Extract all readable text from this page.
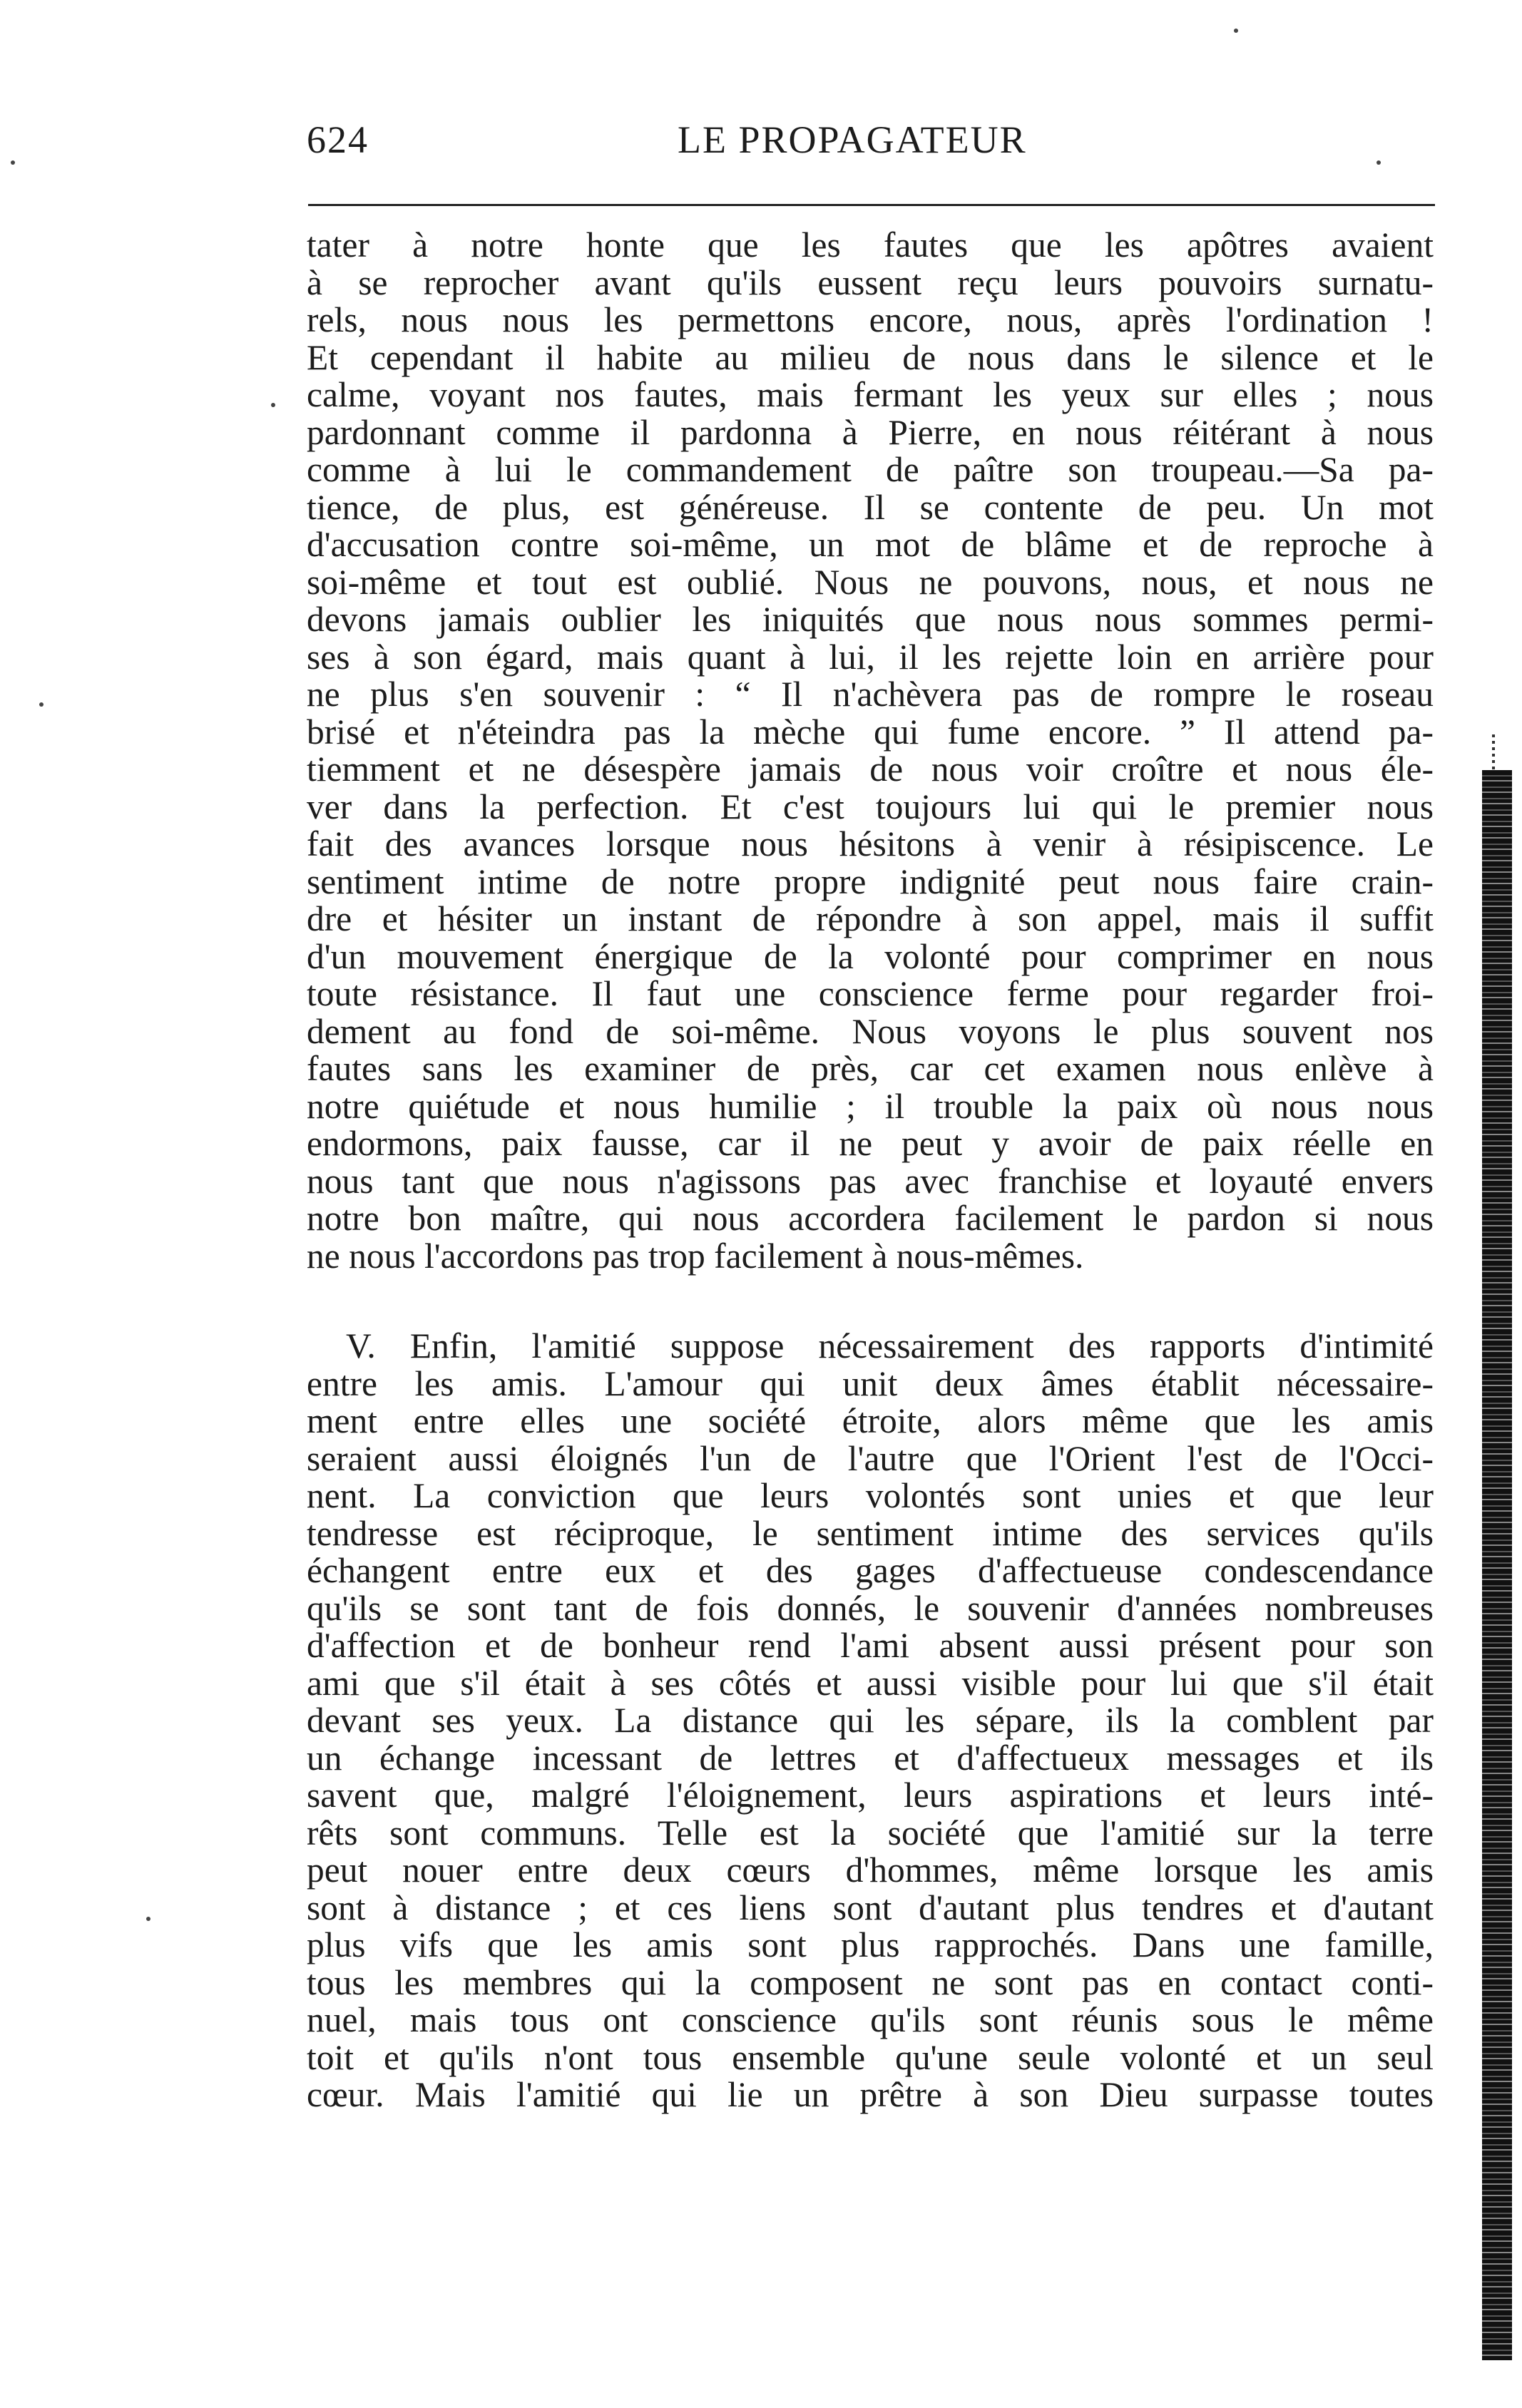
624	LE PROPAGATEUR
tater à notre honte que les fautes que les apôtres avaient
à se reprocher avant qu'ils eussent reçu leurs pouvoirs surnatu-
rels, nous nous les permettons encore, nous, après l'ordination !
Et cependant il habite au milieu de nous dans le silence et le
calme, voyant nos fautes, mais fermant les yeux sur elles ; nous
pardonnant comme il pardonna à Pierre, en nous réitérant à nous
comme à lui le commandement de paître son troupeau.—Sa pa-
tience, de plus, est généreuse. Il se contente de peu. Un mot
d'accusation contre soi-même, un mot de blâme et de reproche à
soi-même et tout est oublié. Nous ne pouvons, nous, et nous ne
devons jamais oublier les iniquités que nous nous sommes permi-
ses à son égard, mais quant à lui, il les rejette loin en arrière pour
ne plus s'en souvenir : “ Il n'achèvera pas de rompre le roseau
brisé et n'éteindra pas la mèche qui fume encore. ” Il attend pa-
tiemment et ne désespère jamais de nous voir croître et nous éle-
ver dans la perfection. Et c'est toujours lui qui le premier nous
fait des avances lorsque nous hésitons à venir à résipiscence. Le
sentiment intime de notre propre indignité peut nous faire crain-
dre et hésiter un instant de répondre à son appel, mais il suffit
d'un mouvement énergique de la volonté pour comprimer en nous
toute résistance. Il faut une conscience ferme pour regarder froi-
dement au fond de soi-même. Nous voyons le plus souvent nos
fautes sans les examiner de près, car cet examen nous enlève à
notre quiétude et nous humilie ; il trouble la paix où nous nous
endormons, paix fausse, car il ne peut y avoir de paix réelle en
nous tant que nous n'agissons pas avec franchise et loyauté envers
notre bon maître, qui nous accordera facilement le pardon si nous
ne nous l'accordons pas trop facilement à nous-mêmes.
V. Enfin, l'amitié suppose nécessairement des rapports d'intimité
entre les amis. L'amour qui unit deux âmes établit nécessaire-
ment entre elles une société étroite, alors même que les amis
seraient aussi éloignés l'un de l'autre que l'Orient l'est de l'Occi-
nent. La conviction que leurs volontés sont unies et que leur
tendresse est réciproque, le sentiment intime des services qu'ils
échangent entre eux et des gages d'affectueuse condescendance
qu'ils se sont tant de fois donnés, le souvenir d'années nombreuses
d'affection et de bonheur rend l'ami absent aussi présent pour son
ami que s'il était à ses côtés et aussi visible pour lui que s'il était
devant ses yeux. La distance qui les sépare, ils la comblent par
un échange incessant de lettres et d'affectueux messages et ils
savent que, malgré l'éloignement, leurs aspirations et leurs inté-
rêts sont communs. Telle est la société que l'amitié sur la terre
peut nouer entre deux cœurs d'hommes, même lorsque les amis
sont à distance ; et ces liens sont d'autant plus tendres et d'autant
plus vifs que les amis sont plus rapprochés. Dans une famille,
tous les membres qui la composent ne sont pas en contact conti-
nuel, mais tous ont conscience qu'ils sont réunis sous le même
toit et qu'ils n'ont tous ensemble qu'une seule volonté et un seul
cœur. Mais l'amitié qui lie un prêtre à son Dieu surpasse toutes
